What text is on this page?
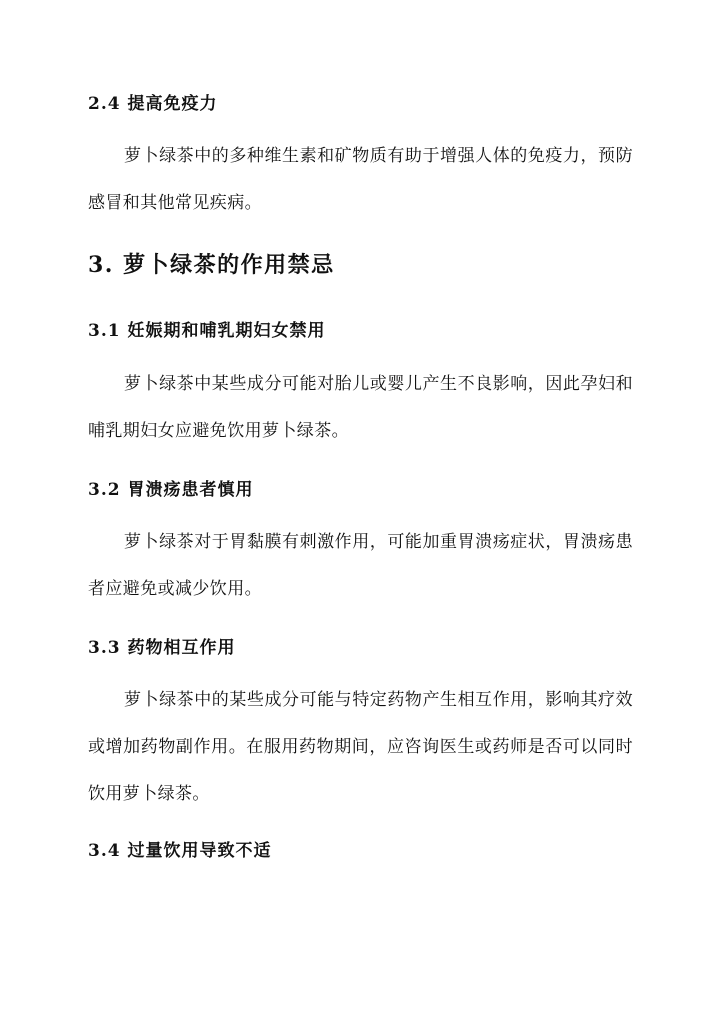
2.4 提高免疫力

萝卜绿茶中的多种维生素和矿物质有助于增强人体的免疫力，预防感冒和其他常见疾病。

3. 萝卜绿茶的作用禁忌
3.1 妊娠期和哺乳期妇女禁用

萝卜绿茶中某些成分可能对胎儿或婴儿产生不良影响，因此孕妇和哺乳期妇女应避免饮用萝卜绿茶。

3.2 胃溃疡患者慎用

萝卜绿茶对于胃黏膜有刺激作用，可能加重胃溃疡症状，胃溃疡患者应避免或减少饮用。

3.3 药物相互作用

萝卜绿茶中的某些成分可能与特定药物产生相互作用，影响其疗效或增加药物副作用。在服用药物期间，应咨询医生或药师是否可以同时饮用萝卜绿茶。

3.4 过量饮用导致不适
